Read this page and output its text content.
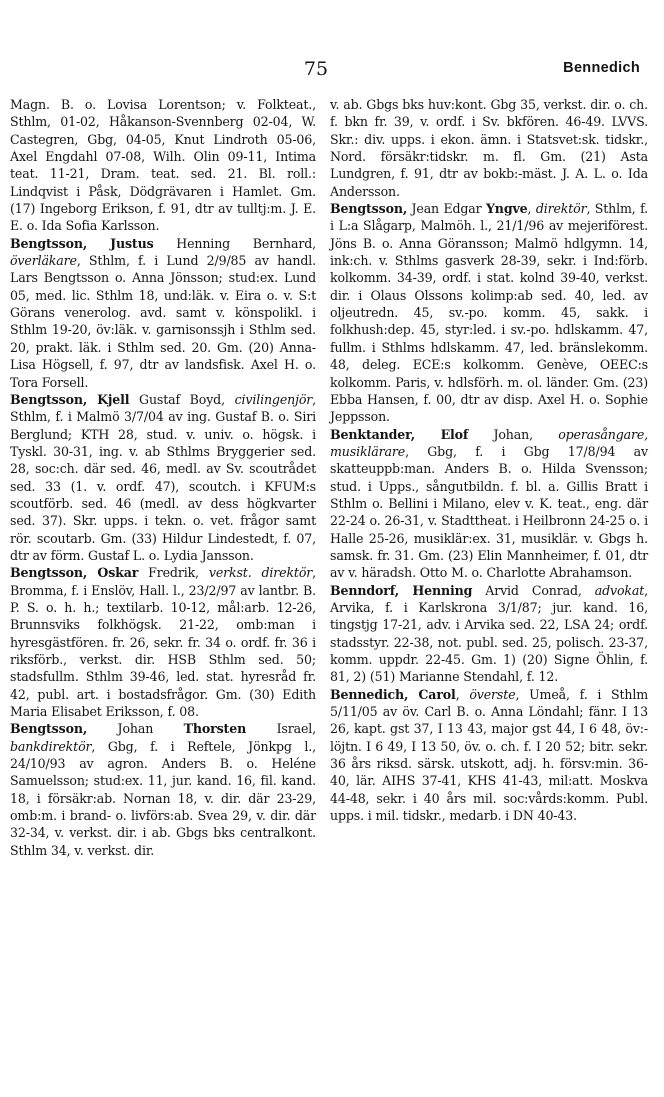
75	Bennedich

Magn. B. o. Lovisa Lorentson; v. Folkteat., Sthlm, 01-02, Håkanson-Svennberg 02-04, W. Castegren, Gbg, 04-05, Knut Lindroth 05-06, Axel Engdahl 07-08, Wilh. Olin 09-11, Intima teat. 11-21, Dram. teat. sed. 21. Bl. roll.: Lindqvist i Påsk, Dödgrävaren i Hamlet. Gm. (17) Ingeborg Erikson, f. 91, dtr av tulltj:m. J. E. E. o. Ida Sofia Karlsson.

Bengtsson, Justus Henning Bernhard, överläkare, Sthlm, f. i Lund 2/9/85 av handl. Lars Bengtsson o. Anna Jönsson; stud:ex. Lund 05, med. lic. Sthlm 18, und:läk. v. Eira o. v. S:t Görans venerolog. avd. samt v. könspolikl. i Sthlm 19-20, öv:läk. v. garnisonssjh i Sthlm sed. 20, prakt. läk. i Sthlm sed. 20. Gm. (20) Anna-Lisa Högsell, f. 97, dtr av landsfisk. Axel H. o. Tora Forsell.

Bengtsson, Kjell Gustaf Boyd, civilingenjör, Sthlm, f. i Malmö 3/7/04 av ing. Gustaf B. o. Siri Berglund; KTH 28, stud. v. univ. o. högsk. i Tyskl. 30-31, ing. v. ab Sthlms Bryggerier sed. 28, soc:ch. där sed. 46, medl. av Sv. scoutrådet sed. 33 (1. v. ordf. 47), scoutch. i KFUM:s scoutförb. sed. 46 (medl. av dess högkvarter sed. 37). Skr. upps. i tekn. o. vet. frågor samt rör. scoutarb. Gm. (33) Hildur Lindestedt, f. 07, dtr av förm. Gustaf L. o. Lydia Jansson.

Bengtsson, Oskar Fredrik, verkst. direktör, Bromma, f. i Enslöv, Hall. l., 23/2/97 av lantbr. B. P. S. o. h. h.; textilarb. 10-12, mål:arb. 12-26, Brunnsviks folkhögsk. 21-22, omb:man i hyresgästfören. fr. 26, sekr. fr. 34 o. ordf. fr. 36 i riksförb., verkst. dir. HSB Sthlm sed. 50; stadsfullm. Sthlm 39-46, led. stat. hyresråd fr. 42, publ. art. i bostadsfrågor. Gm. (30) Edith Maria Elisabet Eriksson, f. 08.

Bengtsson, Johan Thorsten Israel, bankdirektör, Gbg, f. i Reftele, Jönkpg l., 24/10/93 av agron. Anders B. o. Heléne Samuelsson; stud:ex. 11, jur. kand. 16, fil. kand. 18, i försäkr:ab. Nornan 18, v. dir. där 23-29, omb:m. i brand- o. livförs:ab. Svea 29, v. dir. där 32-34, v. verkst. dir. i ab. Gbgs bks centralkont. Sthlm 34, v. verkst. dir.

v. ab. Gbgs bks huv:kont. Gbg 35, verkst. dir. o. ch. f. bkn fr. 39, v. ordf. i Sv. bkfören. 46-49. LVVS. Skr.: div. upps. i ekon. ämn. i Statsvet:sk. tidskr., Nord. försäkr:tidskr. m. fl. Gm. (21) Asta Lundgren, f. 91, dtr av bokb:-mäst. J. A. L. o. Ida Andersson.

Bengtsson, Jean Edgar Yngve, direktör, Sthlm, f. i L:a Slågarp, Malmöh. l., 21/1/96 av mejeriförest. Jöns B. o. Anna Göransson; Malmö hdlgymn. 14, ink:ch. v. Sthlms gasverk 28-39, sekr. i Ind:förb. kolkomm. 34-39, ordf. i stat. kolnd 39-40, verkst. dir. i Olaus Olssons kolimp:ab sed. 40, led. av oljeutredn. 45, sv.-po. komm. 45, sakk. i folkhush:dep. 45, styr:led. i sv.-po. hdlskamm. 47, fullm. i Sthlms hdlskamm. 47, led. bränslekomm. 48, deleg. ECE:s kolkomm. Genève, OEEC:s kolkomm. Paris, v. hdlsförh. m. ol. länder. Gm. (23) Ebba Hansen, f. 00, dtr av disp. Axel H. o. Sophie Jeppsson.

Benktander, Elof Johan, operasångare, musiklärare, Gbg, f. i Gbg 17/8/94 av skatteuppb:man. Anders B. o. Hilda Svensson; stud. i Upps., sångutbildn. f. bl. a. Gillis Bratt i Sthlm o. Bellini i Milano, elev v. K. teat., eng. där 22-24 o. 26-31, v. Stadttheat. i Heilbronn 24-25 o. i Halle 25-26, musiklär:ex. 31, musiklär. v. Gbgs h. samsk. fr. 31. Gm. (23) Elin Mannheimer, f. 01, dtr av v. häradsh. Otto M. o. Charlotte Abrahamson.

Benndorf, Henning Arvid Conrad, advokat, Arvika, f. i Karlskrona 3/1/87; jur. kand. 16, tingstjg 17-21, adv. i Arvika sed. 22, LSA 24; ordf. stadsstyr. 22-38, not. publ. sed. 25, polisch. 23-37, komm. uppdr. 22-45. Gm. 1) (20) Signe Öhlin, f. 81, 2) (51) Marianne Stendahl, f. 12.

Bennedich, Carol, överste, Umeå, f. i Sthlm 5/11/05 av öv. Carl B. o. Anna Löndahl; fänr. I 13 26, kapt. gst 37, I 13 43, major gst 44, I 6 48, öv:-löjtn. I 6 49, I 13 50, öv. o. ch. f. I 20 52; bitr. sekr. 36 års riksd. särsk. utskott, adj. h. försv:min. 36-40, lär. AIHS 37-41, KHS 41-43, mil:att. Moskva 44-48, sekr. i 40 års mil. soc:vårds:komm. Publ. upps. i mil. tidskr., medarb. i DN 40-43.
